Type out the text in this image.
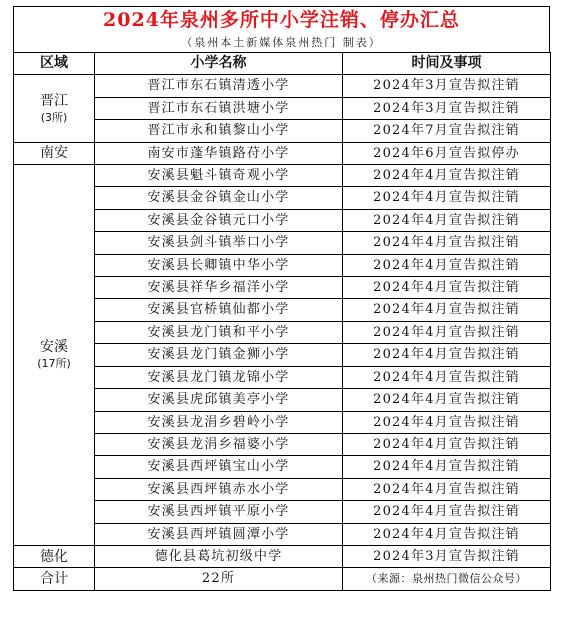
2024年泉州多所中小学注销、停办汇总
（泉州本土新媒体泉州热门 制表）
区域	小学名称	时间及事项

晋江
(3所)	晋江市东石镇清透小学	2024年3月宣告拟注销
	晋江市东石镇洪塘小学	2024年3月宣告拟注销
	晋江市永和镇黎山小学	2024年7月宣告拟注销

南安	南安市蓬华镇路苻小学	2024年6月宣告拟停办

安溪
(17所)	安溪县魁斗镇奇观小学	2024年4月宣告拟注销
	安溪县金谷镇金山小学	2024年4月宣告拟注销
	安溪县金谷镇元口小学	2024年4月宣告拟注销
	安溪县剑斗镇举口小学	2024年4月宣告拟注销
	安溪县长卿镇中华小学	2024年4月宣告拟注销
	安溪县祥华乡福洋小学	2024年4月宣告拟注销
	安溪县官桥镇仙都小学	2024年4月宣告拟注销
	安溪县龙门镇和平小学	2024年4月宣告拟注销
	安溪县龙门镇金狮小学	2024年4月宣告拟注销
	安溪县龙门镇龙锦小学	2024年4月宣告拟注销
	安溪县虎邱镇美亭小学	2024年4月宣告拟注销
	安溪县龙涓乡碧岭小学	2024年4月宣告拟注销
	安溪县龙涓乡福婆小学	2024年4月宣告拟注销
	安溪县西坪镇宝山小学	2024年4月宣告拟注销
	安溪县西坪镇赤水小学	2024年4月宣告拟注销
	安溪县西坪镇平原小学	2024年4月宣告拟注销
	安溪县西坪镇圆潭小学	2024年4月宣告拟注销

德化	德化县葛坑初级中学	2024年3月宣告拟注销

合计	22所	（来源：泉州热门微信公众号）
